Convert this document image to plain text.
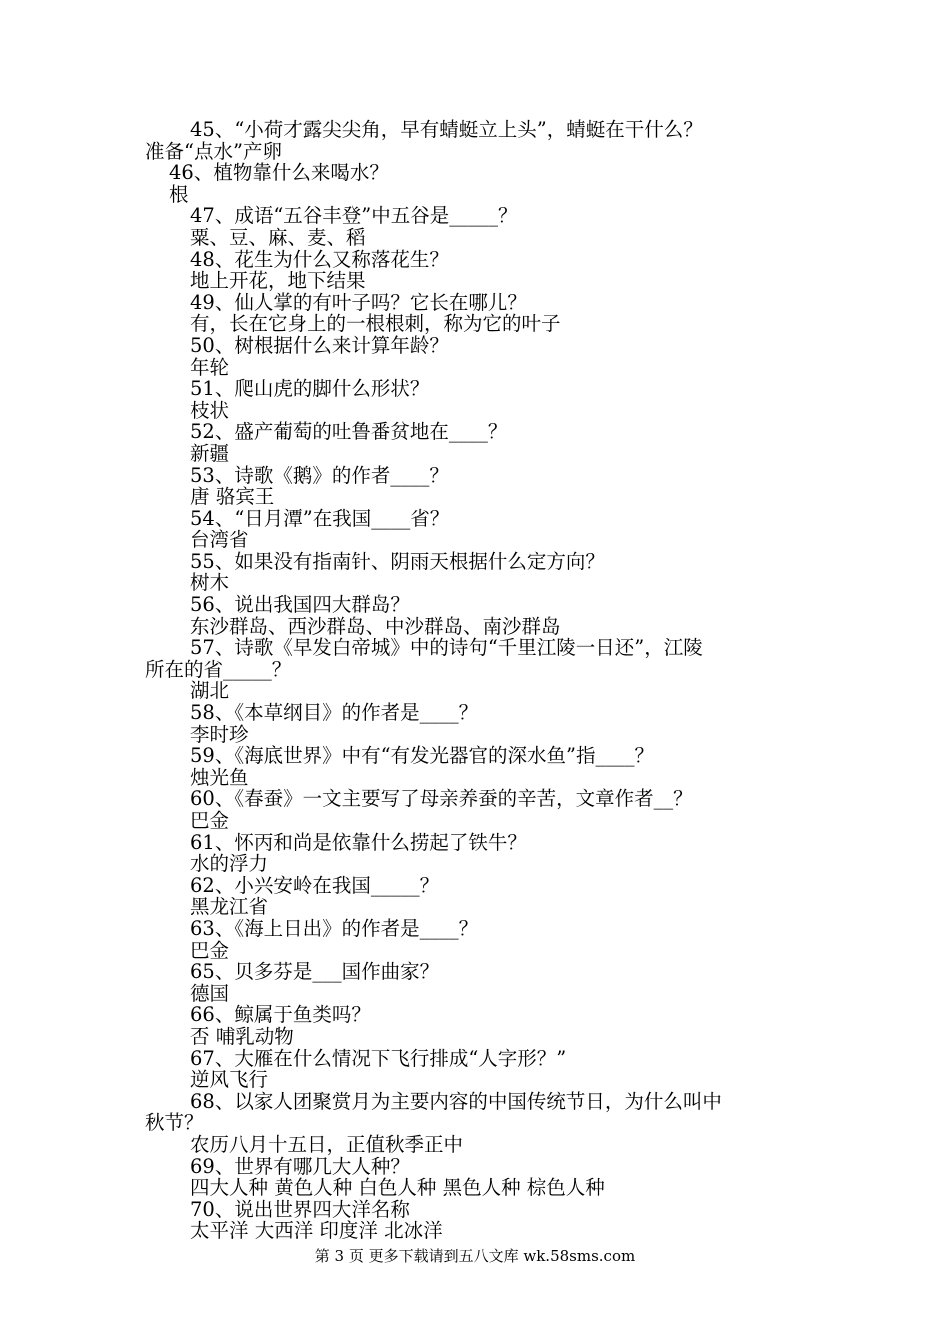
45、“小荷才露尖尖角，早有蜻蜓立上头”，蜻蜓在干什么？

准备“点水”产卵

46、植物靠什么来喝水？

根

47、成语“五谷丰登”中五谷是_____？

粟、豆、麻、麦、稻

48、花生为什么又称落花生？

地上开花，地下结果

49、仙人掌的有叶子吗？它长在哪儿？

有，长在它身上的一根根刺，称为它的叶子

50、树根据什么来计算年龄？

年轮

51、爬山虎的脚什么形状？

枝状

52、盛产葡萄的吐鲁番贫地在____？

新疆

53、诗歌《鹅》的作者____？

唐 骆宾王

54、“日月潭”在我国____省？

台湾省

55、如果没有指南针、阴雨天根据什么定方向？

树木

56、说出我国四大群岛？

东沙群岛、西沙群岛、中沙群岛、南沙群岛

57、诗歌《早发白帝城》中的诗句“千里江陵一日还”，江陵

所在的省_____？

湖北

58、《本草纲目》的作者是____？

李时珍

59、《海底世界》中有“有发光器官的深水鱼”指____？

烛光鱼

60、《春蚕》一文主要写了母亲养蚕的辛苦，文章作者__？

巴金

61、怀丙和尚是依靠什么捞起了铁牛？

水的浮力

62、小兴安岭在我国_____？

黑龙江省

63、《海上日出》的作者是____？

巴金

65、贝多芬是___国作曲家？

德国

66、鲸属于鱼类吗？

否 哺乳动物

67、大雁在什么情况下飞行排成“人字形？”

逆风飞行

68、以家人团聚赏月为主要内容的中国传统节日，为什么叫中

秋节？

农历八月十五日，正值秋季正中

69、世界有哪几大人种？

四大人种 黄色人种 白色人种 黑色人种 棕色人种

70、说出世界四大洋名称

太平洋 大西洋 印度洋 北冰洋

第 3 页 更多下载请到五八文库 wk.58sms.com
